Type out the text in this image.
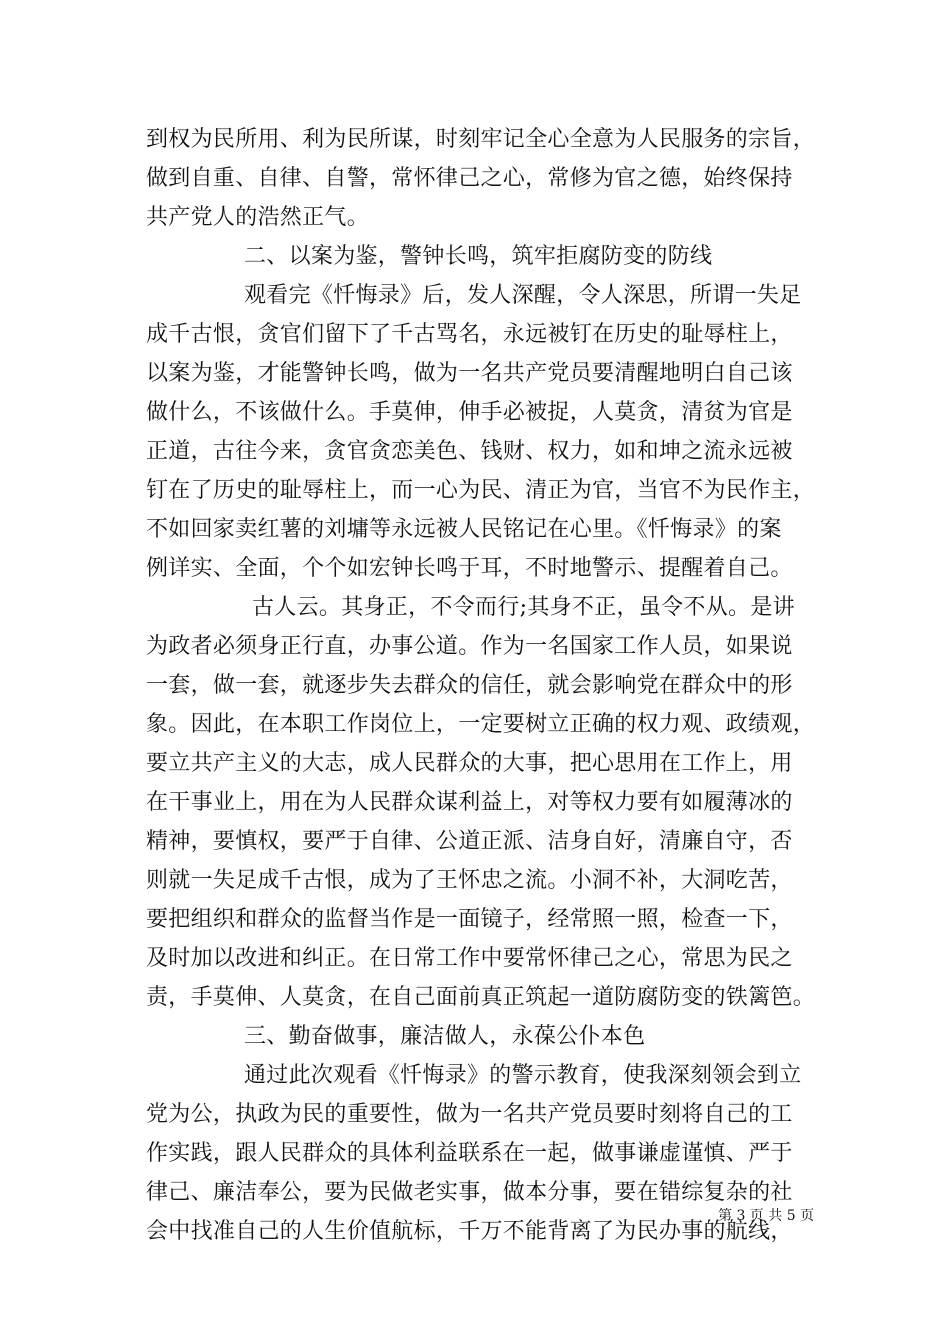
到权为民所用、利为民所谋，时刻牢记全心全意为人民服务的宗旨，
做到自重、自律、自警，常怀律己之心，常修为官之德，始终保持
共产党人的浩然正气。
二、以案为鉴，警钟长鸣，筑牢拒腐防变的防线
观看完《忏悔录》后，发人深醒，令人深思，所谓一失足
成千古恨，贪官们留下了千古骂名，永远被钉在历史的耻辱柱上，
以案为鉴，才能警钟长鸣，做为一名共产党员要清醒地明白自己该
做什么，不该做什么。手莫伸，伸手必被捉，人莫贪，清贫为官是
正道，古往今来，贪官贪恋美色、钱财、权力，如和坤之流永远被
钉在了历史的耻辱柱上，而一心为民、清正为官，当官不为民作主，
不如回家卖红薯的刘墉等永远被人民铭记在心里。《忏悔录》的案
例详实、全面，个个如宏钟长鸣于耳，不时地警示、提醒着自己。
古人云。其身正，不令而行;其身不正，虽令不从。是讲
为政者必须身正行直，办事公道。作为一名国家工作人员，如果说
一套，做一套，就逐步失去群众的信任，就会影响党在群众中的形
象。因此，在本职工作岗位上，一定要树立正确的权力观、政绩观，
要立共产主义的大志，成人民群众的大事，把心思用在工作上，用
在干事业上，用在为人民群众谋利益上，对等权力要有如履薄冰的
精神，要慎权，要严于自律、公道正派、洁身自好，清廉自守，否
则就一失足成千古恨，成为了王怀忠之流。小洞不补，大洞吃苦，
要把组织和群众的监督当作是一面镜子，经常照一照，检查一下，
及时加以改进和纠正。在日常工作中要常怀律己之心，常思为民之
责，手莫伸、人莫贪，在自己面前真正筑起一道防腐防变的铁篱笆。
三、勤奋做事，廉洁做人，永葆公仆本色
通过此次观看《忏悔录》的警示教育，使我深刻领会到立
党为公，执政为民的重要性，做为一名共产党员要时刻将自己的工
作实践，跟人民群众的具体利益联系在一起，做事谦虚谨慎、严于
律己、廉洁奉公，要为民做老实事，做本分事，要在错综复杂的社
会中找准自己的人生价值航标，千万不能背离了为民办事的航线，
第 3 页 共 5 页
